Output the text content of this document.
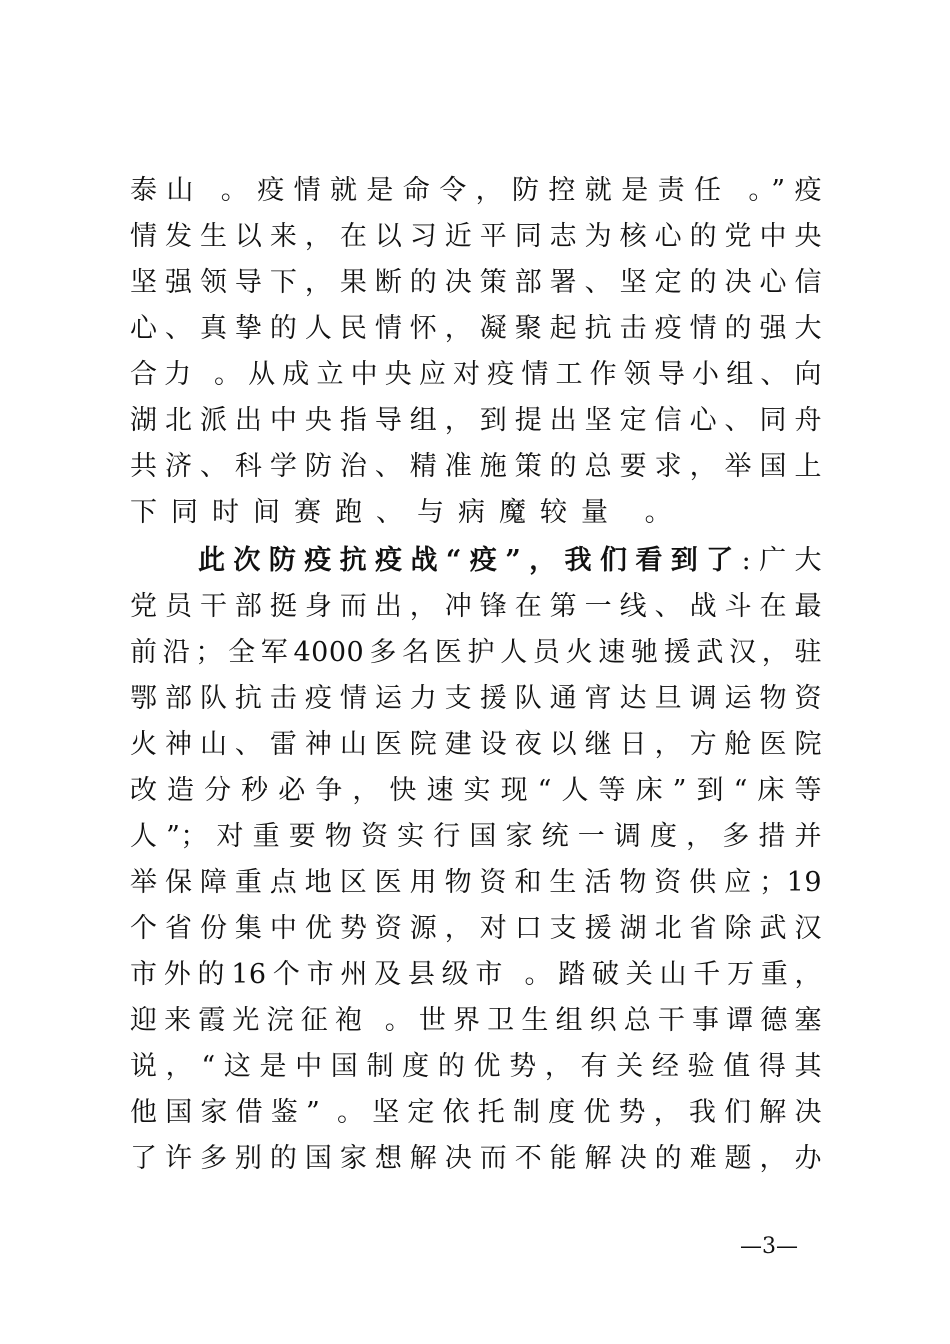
泰山 。疫情就是命令，防控就是责任 。”疫
情发生以来，在以习近平同志为核心的党中央
坚强领导下，果断的决策部署、坚定的决心信
心、真挚的人民情怀，凝聚起抗击疫情的强大
合力 。从成立中央应对疫情工作领导小组、向
湖北派出中央指导组，到提出坚定信心、同舟
共济、科学防治、精准施策的总要求，举国上
下同时间赛跑、与病魔较量 。
此次防疫抗疫战“疫”，我们看到了:广大
党员干部挺身而出，冲锋在第一线、战斗在最
前沿；全军4000多名医护人员火速驰援武汉，驻
鄂部队抗击疫情运力支援队通宵达旦调运物资
火神山、雷神山医院建设夜以继日，方舱医院
改造分秒必争，快速实现“人等床”到“床等
人”；对重要物资实行国家统一调度，多措并
举保障重点地区医用物资和生活物资供应；19
个省份集中优势资源，对口支援湖北省除武汉
市外的16个市州及县级市 。踏破关山千万重，
迎来霞光浣征袍 。世界卫生组织总干事谭德塞
说，“这是中国制度的优势，有关经验值得其
他国家借鉴” 。坚定依托制度优势，我们解决
了许多别的国家想解决而不能解决的难题，办
—3—
